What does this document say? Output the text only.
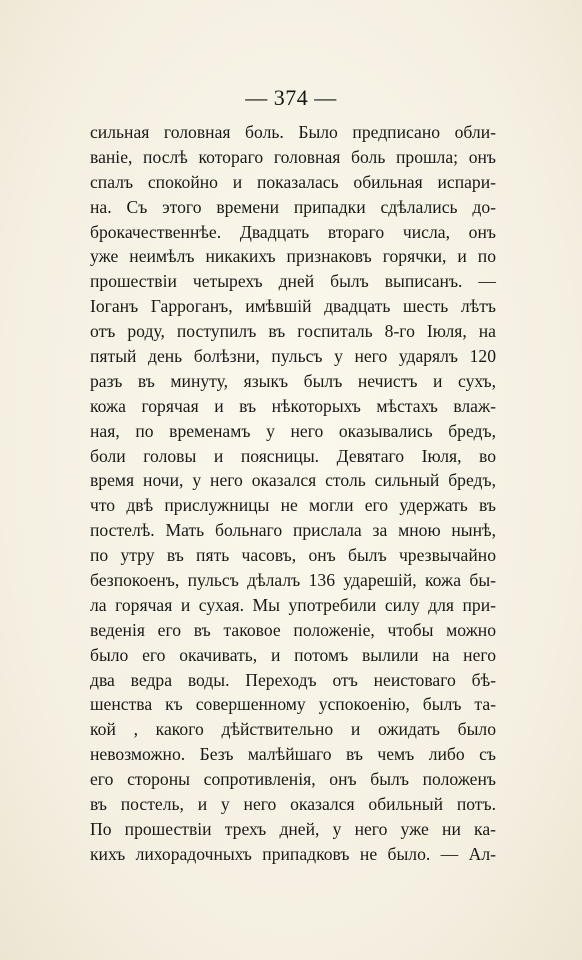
— 374 —
сильная головная боль. Было предписано обли-
ваніе, послѣ котораго головная боль прошла; онъ
спалъ спокойно и показалась обильная испари-
на. Съ этого времени припадки сдѣлались до-
брокачественнѣе. Двадцать втораго числа, онъ
уже неимѣлъ никакихъ признаковъ горячки, и по
прошествіи четырехъ дней былъ выписанъ. —
Іоганъ Гарроганъ, имѣвшій двадцать шесть лѣтъ
отъ роду, поступилъ въ госпиталь 8-го Іюля, на
пятый день болѣзни, пульсъ у него ударялъ 120
разъ въ минуту, языкъ былъ нечистъ и сухъ,
кожа горячая и въ нѣкоторыхъ мѣстахъ влаж-
ная, по временамъ у него оказывались бредъ,
боли головы и поясницы. Девятаго Іюля, во
время ночи, у него оказался столь сильный бредъ,
что двѣ прислужницы не могли его удержать въ
постелѣ. Мать больнаго прислала за мною нынѣ,
по утру въ пять часовъ, онъ былъ чрезвычайно
безпокоенъ, пульсъ дѣлалъ 136 ударешій, кожа бы-
ла горячая и сухая. Мы употребили силу для при-
веденія его въ таковое положеніе, чтобы можно
было его окачивать, и потомъ вылили на него
два ведра воды. Переходъ отъ неистоваго бѣ-
шенства къ совершенному успокоенію, былъ та-
кой , какого дѣйствительно и ожидать было
невозможно. Безъ малѣйшаго въ чемъ либо съ
его стороны сопротивленія, онъ былъ положенъ
въ постель, и у него оказался обильный потъ.
По прошествіи трехъ дней, у него уже ни ка-
кихъ лихорадочныхъ припадковъ не было. — Ал-
